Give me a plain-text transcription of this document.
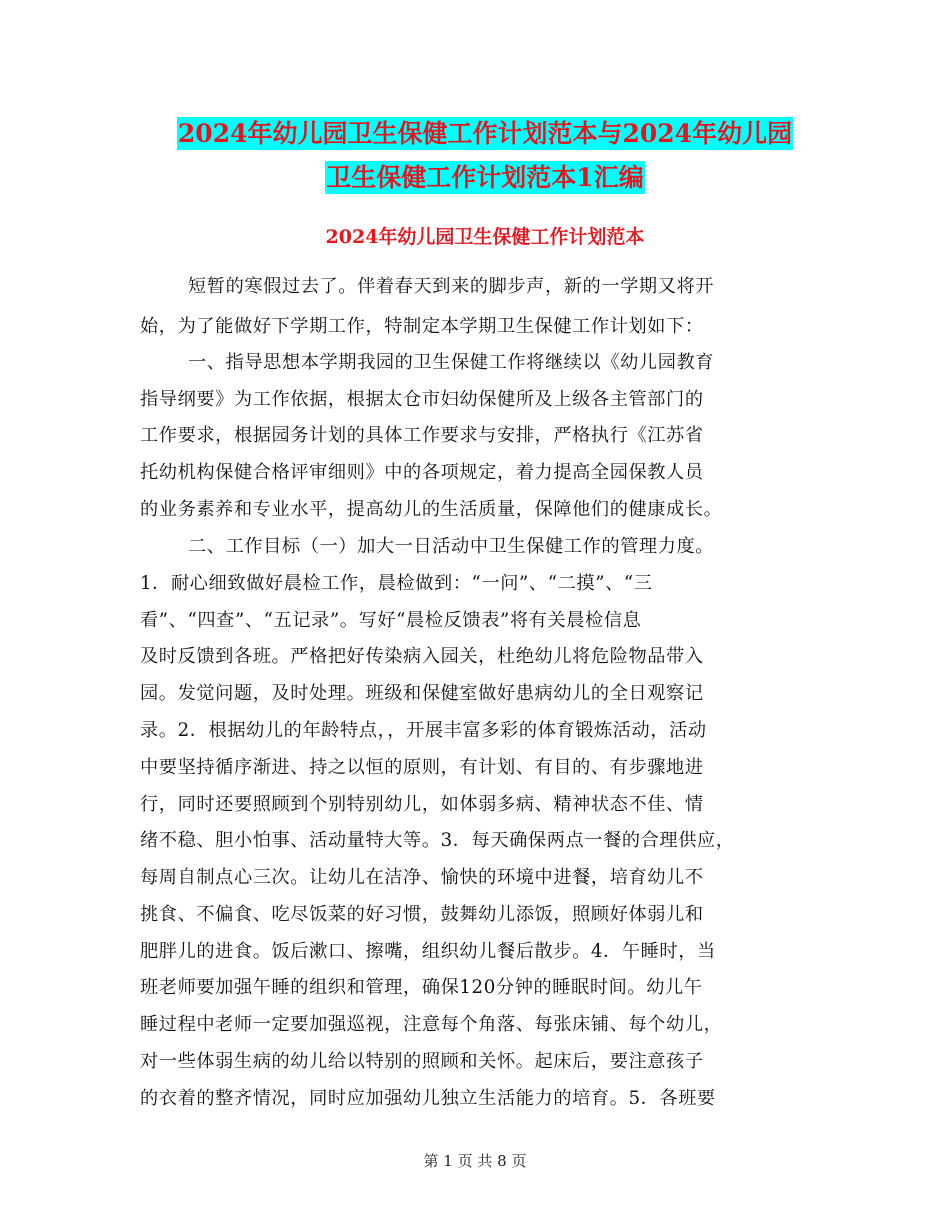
2024年幼儿园卫生保健工作计划范本与2024年幼儿园
卫生保健工作计划范本1汇编
2024年幼儿园卫生保健工作计划范本
短暂的寒假过去了。伴着春天到来的脚步声，新的一学期又将开
始，为了能做好下学期工作，特制定本学期卫生保健工作计划如下：
一、指导思想本学期我园的卫生保健工作将继续以《幼儿园教育
指导纲要》为工作依据，根据太仓市妇幼保健所及上级各主管部门的
工作要求，根据园务计划的具体工作要求与安排，严格执行《江苏省
托幼机构保健合格评审细则》中的各项规定，着力提高全园保教人员
的业务素养和专业水平，提高幼儿的生活质量，保障他们的健康成长。
二、工作目标（一）加大一日活动中卫生保健工作的管理力度。
1．耐心细致做好晨检工作，晨检做到：“一问”、“二摸”、“三
看”、“四查”、“五记录”。写好“晨检反馈表”将有关晨检信息
及时反馈到各班。严格把好传染病入园关，杜绝幼儿将危险物品带入
园。发觉问题，及时处理。班级和保健室做好患病幼儿的全日观察记
录。2．根据幼儿的年龄特点，，开展丰富多彩的体育锻炼活动，活动
中要坚持循序渐进、持之以恒的原则，有计划、有目的、有步骤地进
行，同时还要照顾到个别特别幼儿，如体弱多病、精神状态不佳、情
绪不稳、胆小怕事、活动量特大等。3．每天确保两点一餐的合理供应，
每周自制点心三次。让幼儿在洁净、愉快的环境中进餐，培育幼儿不
挑食、不偏食、吃尽饭菜的好习惯，鼓舞幼儿添饭，照顾好体弱儿和
肥胖儿的进食。饭后漱口、擦嘴，组织幼儿餐后散步。4．午睡时，当
班老师要加强午睡的组织和管理，确保120分钟的睡眠时间。幼儿午
睡过程中老师一定要加强巡视，注意每个角落、每张床铺、每个幼儿，
对一些体弱生病的幼儿给以特别的照顾和关怀。起床后，要注意孩子
的衣着的整齐情况，同时应加强幼儿独立生活能力的培育。5．各班要
第 1 页 共 8 页
